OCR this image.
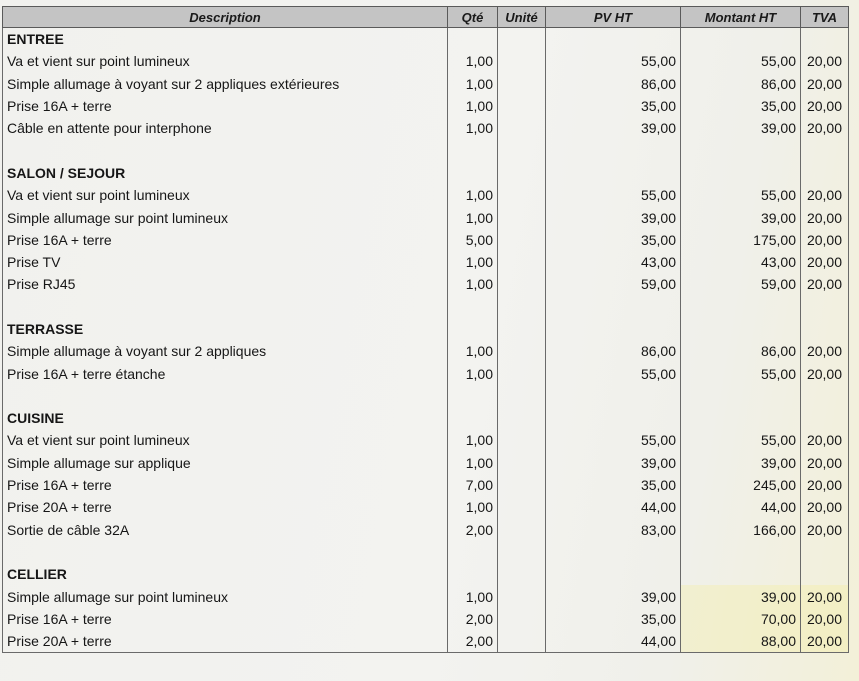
Description	Qté	Unité	PV HT	Montant HT	TVA
ENTREE					
Va et vient sur point lumineux	1,00		55,00	55,00	20,00
Simple allumage à voyant sur 2 appliques extérieures	1,00		86,00	86,00	20,00
Prise 16A + terre	1,00		35,00	35,00	20,00
Câble en attente pour interphone	1,00		39,00	39,00	20,00

SALON / SEJOUR					
Va et vient sur point lumineux	1,00		55,00	55,00	20,00
Simple allumage sur point lumineux	1,00		39,00	39,00	20,00
Prise 16A + terre	5,00		35,00	175,00	20,00
Prise TV	1,00		43,00	43,00	20,00
Prise RJ45	1,00		59,00	59,00	20,00

TERRASSE					
Simple allumage à voyant sur 2 appliques	1,00		86,00	86,00	20,00
Prise 16A + terre étanche	1,00		55,00	55,00	20,00

CUISINE					
Va et vient sur point lumineux	1,00		55,00	55,00	20,00
Simple allumage sur applique	1,00		39,00	39,00	20,00
Prise 16A + terre	7,00		35,00	245,00	20,00
Prise 20A + terre	1,00		44,00	44,00	20,00
Sortie de câble 32A	2,00		83,00	166,00	20,00

CELLIER					
Simple allumage sur point lumineux	1,00		39,00	39,00	20,00
Prise 16A + terre	2,00		35,00	70,00	20,00
Prise 20A + terre	2,00		44,00	88,00	20,00
